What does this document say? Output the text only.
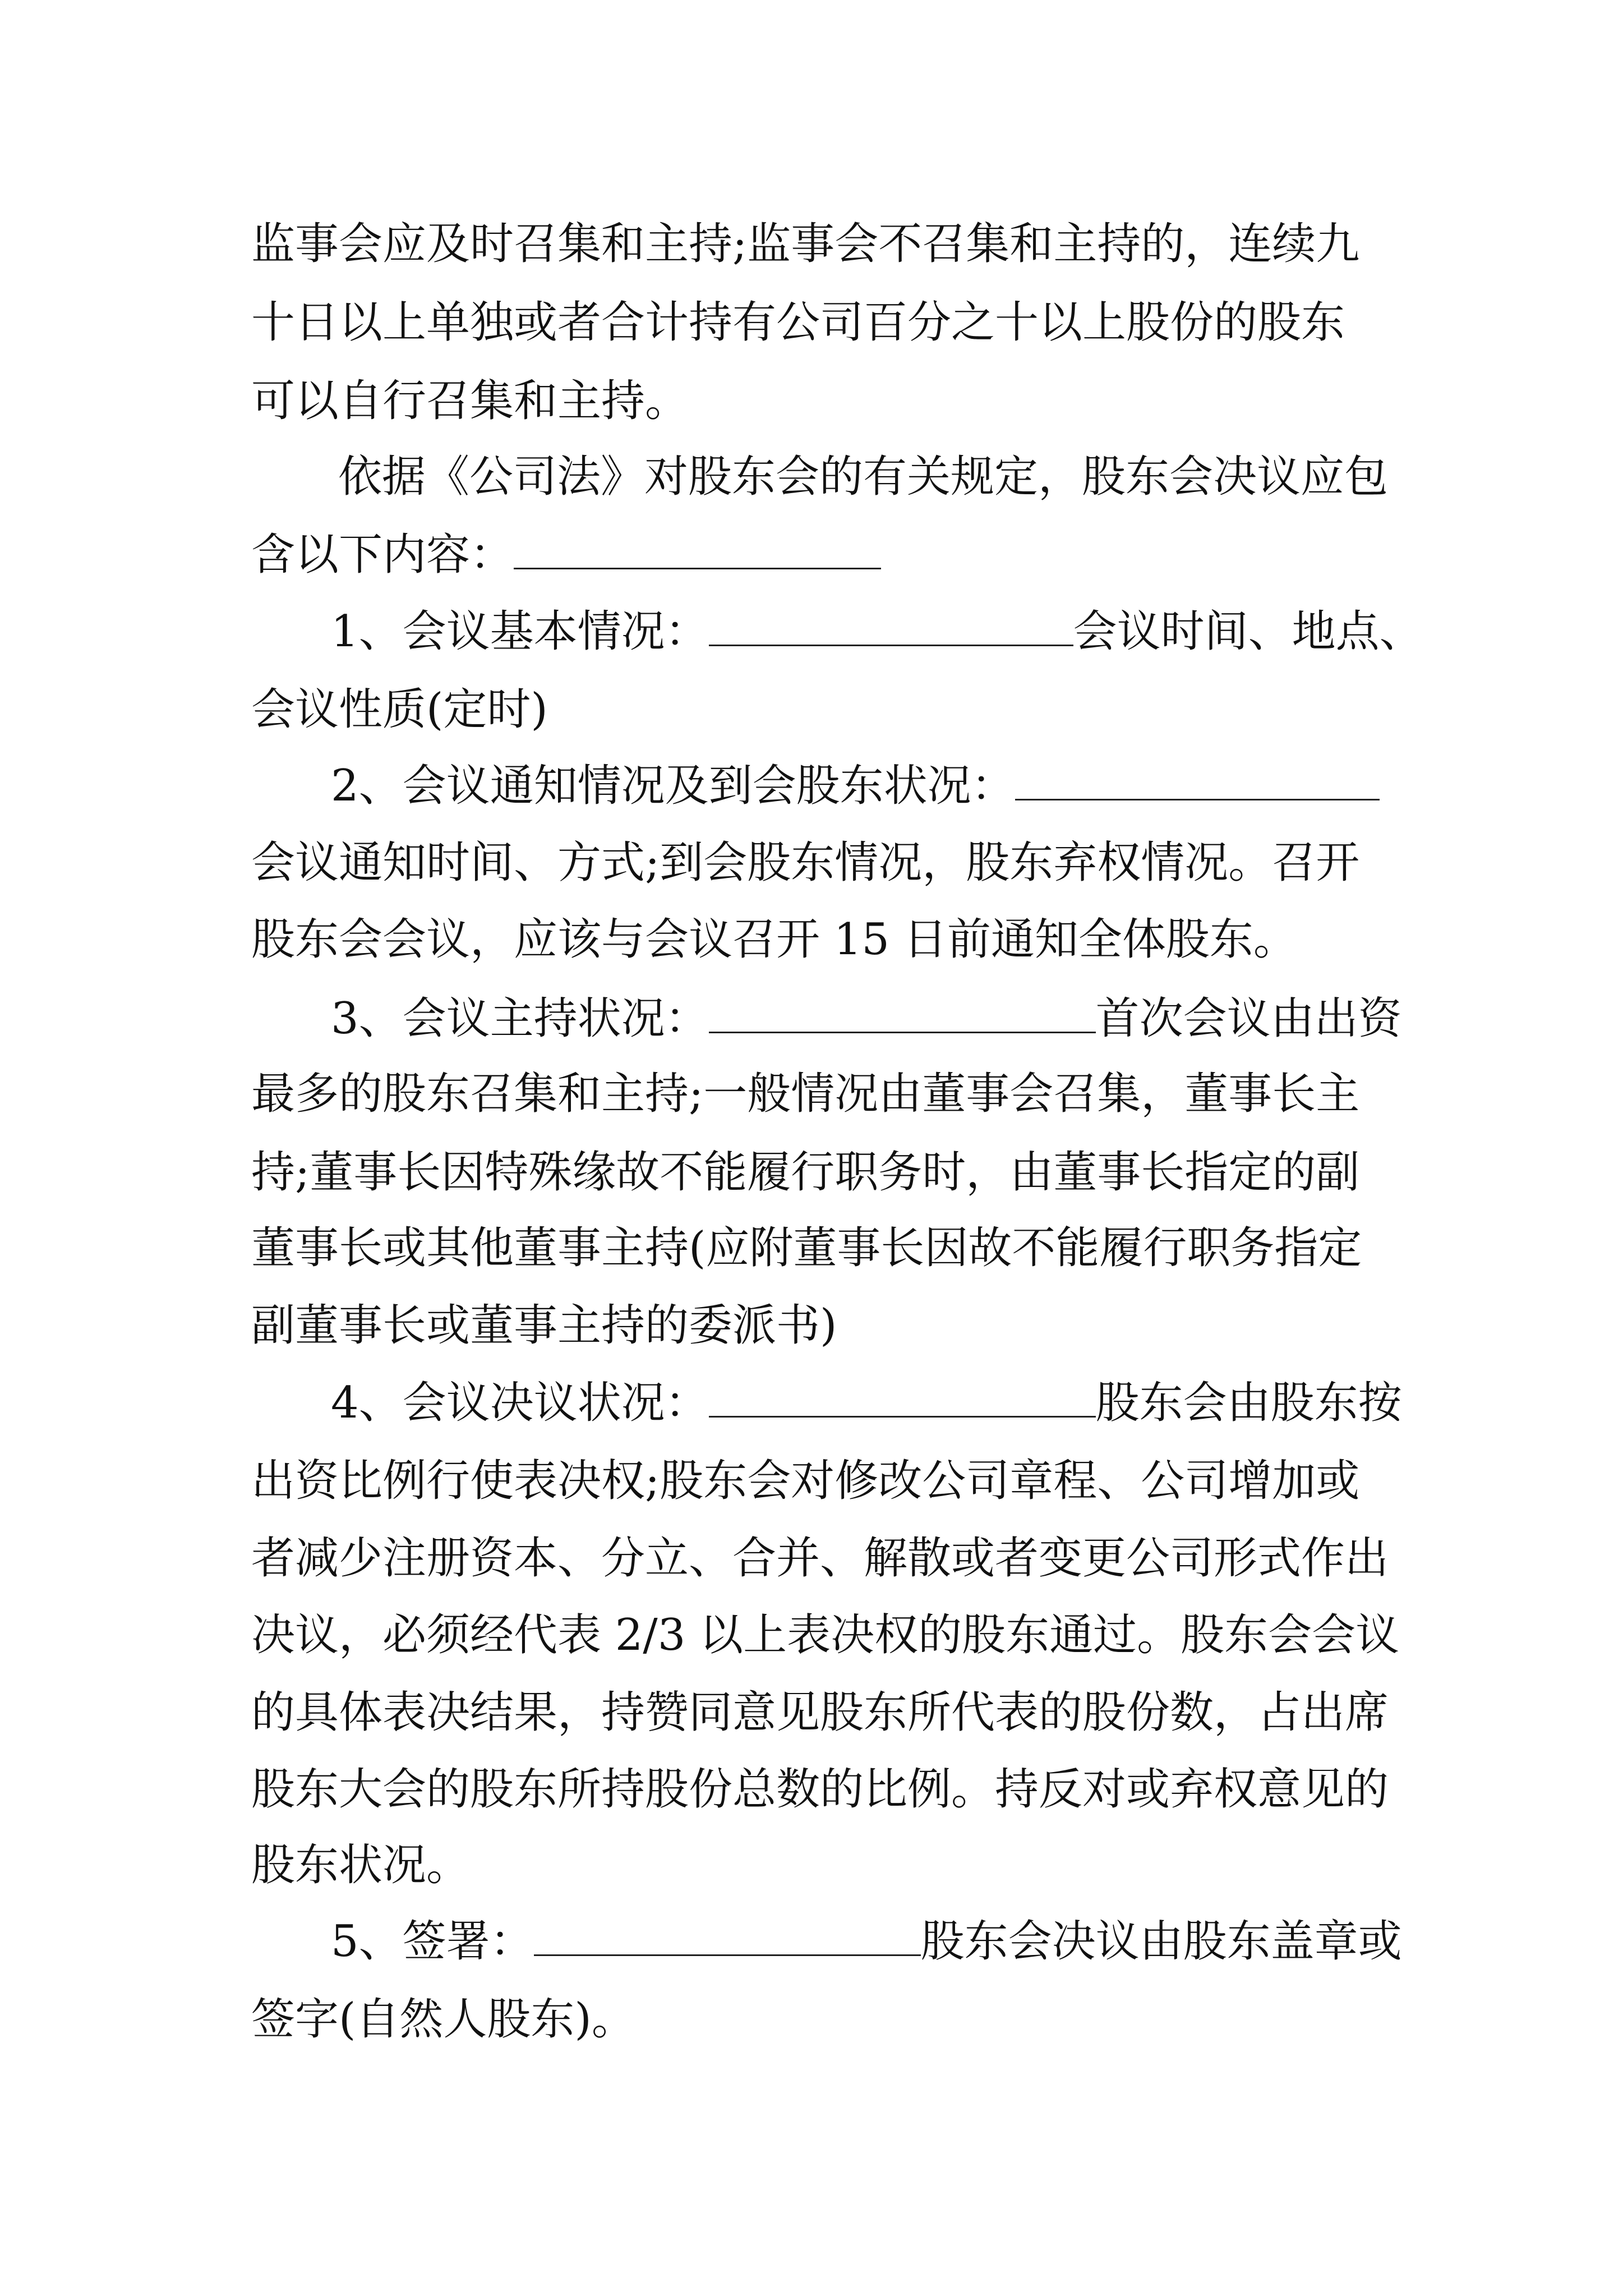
监事会应及时召集和主持;监事会不召集和主持的，连续九
十日以上单独或者合计持有公司百分之十以上股份的股东
可以自行召集和主持。
依据《公司法》对股东会的有关规定，股东会决议应包
含以下内容：
1、会议基本情况：	会议时间、地点、
会议性质(定时)
2、会议通知情况及到会股东状况：
会议通知时间、方式;到会股东情况，股东弃权情况。召开
股东会会议，应该与会议召开 15 日前通知全体股东。
3、会议主持状况：	首次会议由出资
最多的股东召集和主持;一般情况由董事会召集，董事长主
持;董事长因特殊缘故不能履行职务时，由董事长指定的副
董事长或其他董事主持(应附董事长因故不能履行职务指定
副董事长或董事主持的委派书)
4、会议决议状况：	股东会由股东按
出资比例行使表决权;股东会对修改公司章程、公司增加或
者减少注册资本、分立、合并、解散或者变更公司形式作出
决议，必须经代表 2/3 以上表决权的股东通过。股东会会议
的具体表决结果，持赞同意见股东所代表的股份数，占出席
股东大会的股东所持股份总数的比例。持反对或弃权意见的
股东状况。
5、签署：	股东会决议由股东盖章或
签字(自然人股东)。
